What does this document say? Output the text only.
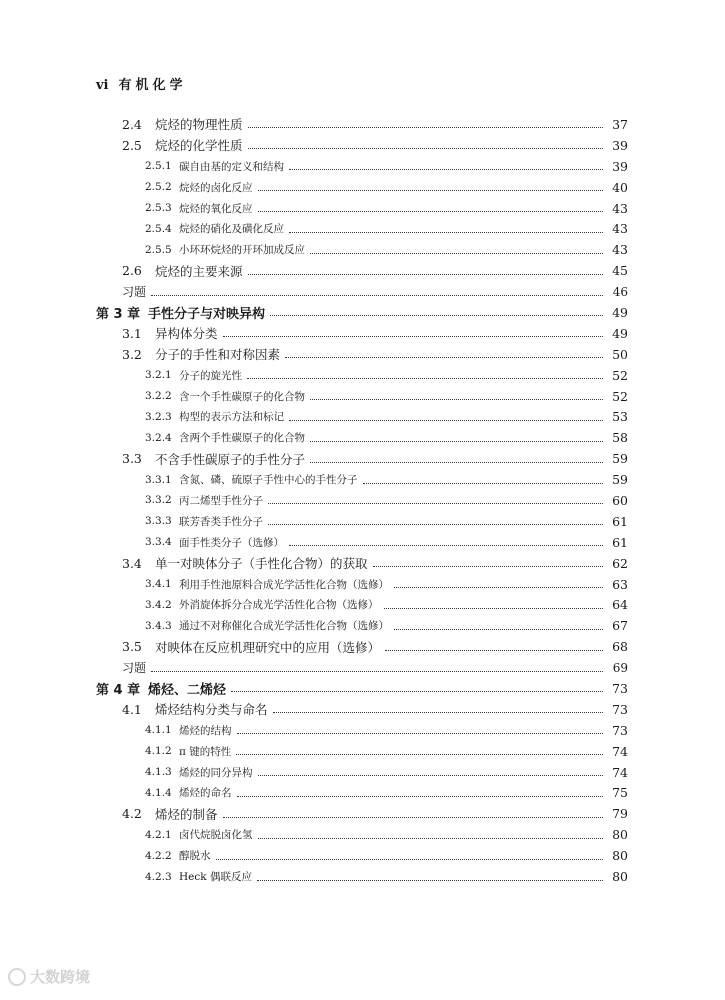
vi 有机化学
2.4	烷烃的物理性质	37
2.5	烷烃的化学性质	39
2.5.1 碳自由基的定义和结构	39
2.5.2 烷烃的卤化反应	40
2.5.3 烷烃的氧化反应	43
2.5.4 烷烃的硝化及磺化反应	43
2.5.5 小环环烷烃的开环加成反应	43
2.6	烷烃的主要来源	45
习题	46
第 3 章 手性分子与对映异构	49
3.1	异构体分类	49
3.2	分子的手性和对称因素	50
3.2.1 分子的旋光性	52
3.2.2 含一个手性碳原子的化合物	52
3.2.3 构型的表示方法和标记	53
3.2.4 含两个手性碳原子的化合物	58
3.3	不含手性碳原子的手性分子	59
3.3.1 含氮、磷、硫原子手性中心的手性分子	59
3.3.2 丙二烯型手性分子	60
3.3.3 联芳香类手性分子	61
3.3.4 面手性类分子（选修）	61
3.4	单一对映体分子（手性化合物）的获取	62
3.4.1 利用手性池原料合成光学活性化合物（选修）	63
3.4.2 外消旋体拆分合成光学活性化合物（选修）	64
3.4.3 通过不对称催化合成光学活性化合物（选修）	67
3.5	对映体在反应机理研究中的应用（选修）	68
习题	69
第 4 章 烯烃、二烯烃	73
4.1	烯烃结构分类与命名	73
4.1.1 烯烃的结构	73
4.1.2 π 键的特性	74
4.1.3 烯烃的同分异构	74
4.1.4 烯烃的命名	75
4.2	烯烃的制备	79
4.2.1 卤代烷脱卤化氢	80
4.2.2 醇脱水	80
4.2.3 Heck 偶联反应	80
大数跨境
